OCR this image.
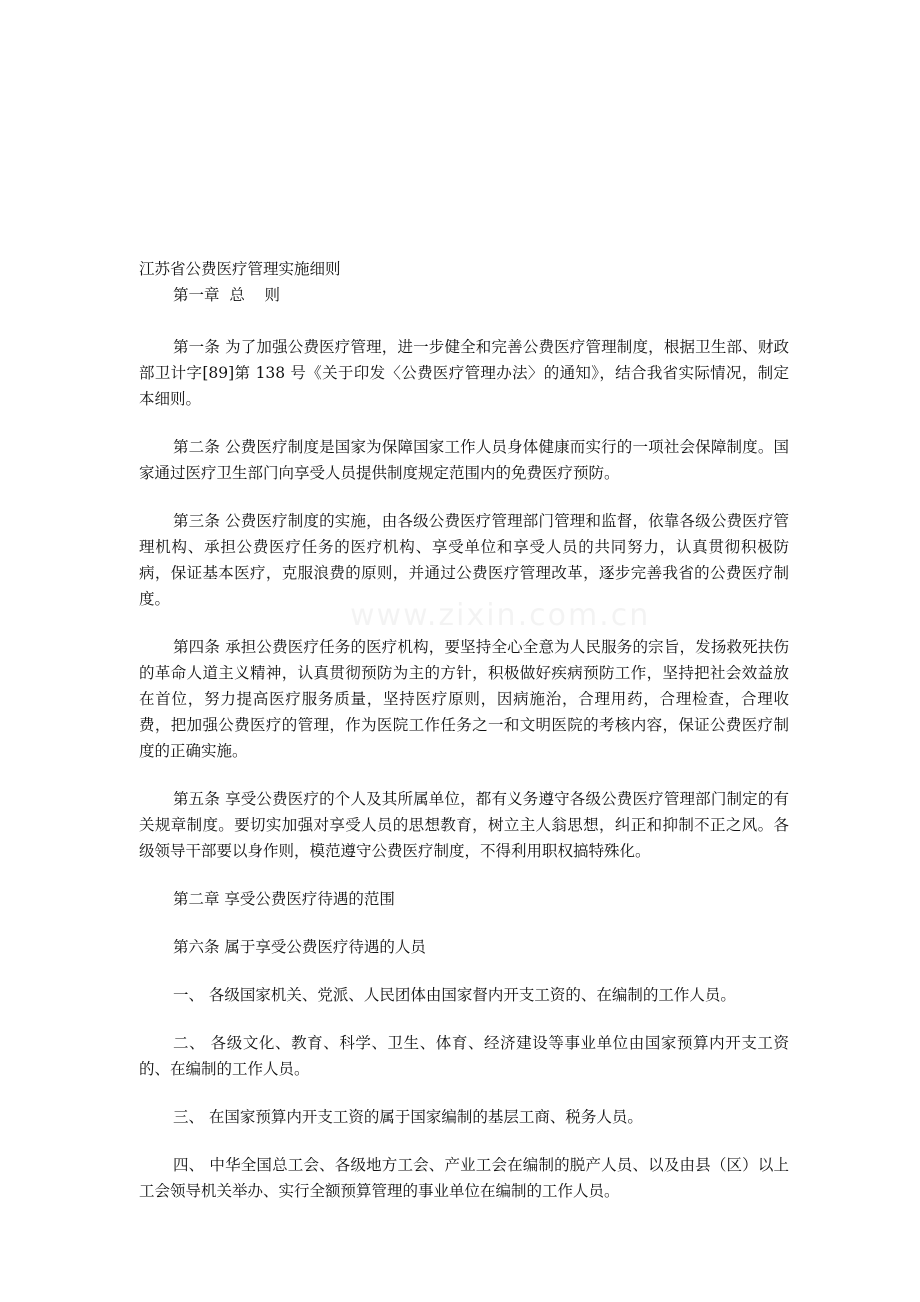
江苏省公费医疗管理实施细则

第一章  总    则

第一条 为了加强公费医疗管理，进一步健全和完善公费医疗管理制度，根据卫生部、财政部卫计字[89]第 138 号《关于印发〈公费医疗管理办法〉的通知》，结合我省实际情况，制定本细则。

第二条 公费医疗制度是国家为保障国家工作人员身体健康而实行的一项社会保障制度。国家通过医疗卫生部门向享受人员提供制度规定范围内的免费医疗预防。

第三条 公费医疗制度的实施，由各级公费医疗管理部门管理和监督，依靠各级公费医疗管理机构、承担公费医疗任务的医疗机构、享受单位和享受人员的共同努力，认真贯彻积极防病，保证基本医疗，克服浪费的原则，并通过公费医疗管理改革，逐步完善我省的公费医疗制度。

第四条 承担公费医疗任务的医疗机构，要坚持全心全意为人民服务的宗旨，发扬救死扶伤的革命人道主义精神，认真贯彻预防为主的方针，积极做好疾病预防工作，坚持把社会效益放在首位，努力提高医疗服务质量，坚持医疗原则，因病施治，合理用药，合理检查，合理收费，把加强公费医疗的管理，作为医院工作任务之一和文明医院的考核内容，保证公费医疗制度的正确实施。

第五条 享受公费医疗的个人及其所属单位，都有义务遵守各级公费医疗管理部门制定的有关规章制度。要切实加强对享受人员的思想教育，树立主人翁思想，纠正和抑制不正之风。各级领导干部要以身作则，模范遵守公费医疗制度，不得利用职权搞特殊化。

第二章 享受公费医疗待遇的范围

第六条 属于享受公费医疗待遇的人员

一、 各级国家机关、党派、人民团体由国家督内开支工资的、在编制的工作人员。

二、 各级文化、教育、科学、卫生、体育、经济建设等事业单位由国家预算内开支工资的、在编制的工作人员。

三、 在国家预算内开支工资的属于国家编制的基层工商、税务人员。

四、 中华全国总工会、各级地方工会、产业工会在编制的脱产人员、以及由县（区）以上工会领导机关举办、实行全额预算管理的事业单位在编制的工作人员。
